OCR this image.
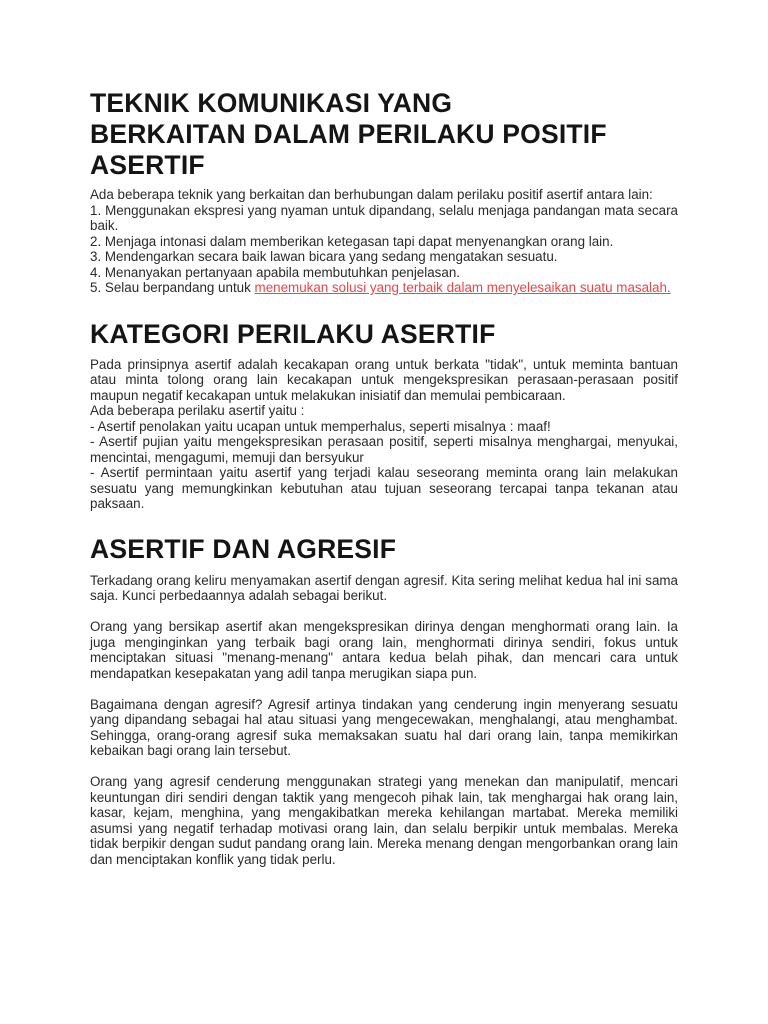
TEKNIK KOMUNIKASI YANG
BERKAITAN DALAM PERILAKU POSITIF
ASERTIF

Ada beberapa teknik yang berkaitan dan berhubungan dalam perilaku positif asertif antara lain:

1. Menggunakan ekspresi yang nyaman untuk dipandang, selalu menjaga pandangan mata secara baik.

2. Menjaga intonasi dalam memberikan ketegasan tapi dapat menyenangkan orang lain.

3. Mendengarkan secara baik lawan bicara yang sedang mengatakan sesuatu.

4. Menanyakan pertanyaan apabila membutuhkan penjelasan.

5. Selau berpandang untuk menemukan solusi yang terbaik dalam menyelesaikan suatu masalah.

KATEGORI PERILAKU ASERTIF

Pada prinsipnya asertif adalah kecakapan orang untuk berkata "tidak", untuk meminta bantuan atau minta tolong orang lain kecakapan untuk mengekspresikan perasaan-perasaan positif maupun negatif kecakapan untuk melakukan inisiatif dan memulai pembicaraan.

Ada beberapa perilaku asertif yaitu :

- Asertif penolakan yaitu ucapan untuk memperhalus, seperti misalnya : maaf!

- Asertif pujian yaitu mengekspresikan perasaan positif, seperti misalnya menghargai, menyukai, mencintai, mengagumi, memuji dan bersyukur

- Asertif permintaan yaitu asertif yang terjadi kalau seseorang meminta orang lain melakukan sesuatu yang memungkinkan kebutuhan atau tujuan seseorang tercapai tanpa tekanan atau paksaan.

ASERTIF DAN AGRESIF

Terkadang orang keliru menyamakan asertif dengan agresif. Kita sering melihat kedua hal ini sama saja. Kunci perbedaannya adalah sebagai berikut.

Orang yang bersikap asertif akan mengekspresikan dirinya dengan menghormati orang lain. Ia juga menginginkan yang terbaik bagi orang lain, menghormati dirinya sendiri, fokus untuk menciptakan situasi "menang-menang" antara kedua belah pihak, dan mencari cara untuk mendapatkan kesepakatan yang adil tanpa merugikan siapa pun.

Bagaimana dengan agresif? Agresif artinya tindakan yang cenderung ingin menyerang sesuatu yang dipandang sebagai hal atau situasi yang mengecewakan, menghalangi, atau menghambat. Sehingga, orang-orang agresif suka memaksakan suatu hal dari orang lain, tanpa memikirkan kebaikan bagi orang lain tersebut.

Orang yang agresif cenderung menggunakan strategi yang menekan dan manipulatif, mencari keuntungan diri sendiri dengan taktik yang mengecoh pihak lain, tak menghargai hak orang lain, kasar, kejam, menghina, yang mengakibatkan mereka kehilangan martabat. Mereka memiliki asumsi yang negatif terhadap motivasi orang lain, dan selalu berpikir untuk membalas. Mereka tidak berpikir dengan sudut pandang orang lain. Mereka menang dengan mengorbankan orang lain dan menciptakan konflik yang tidak perlu.
